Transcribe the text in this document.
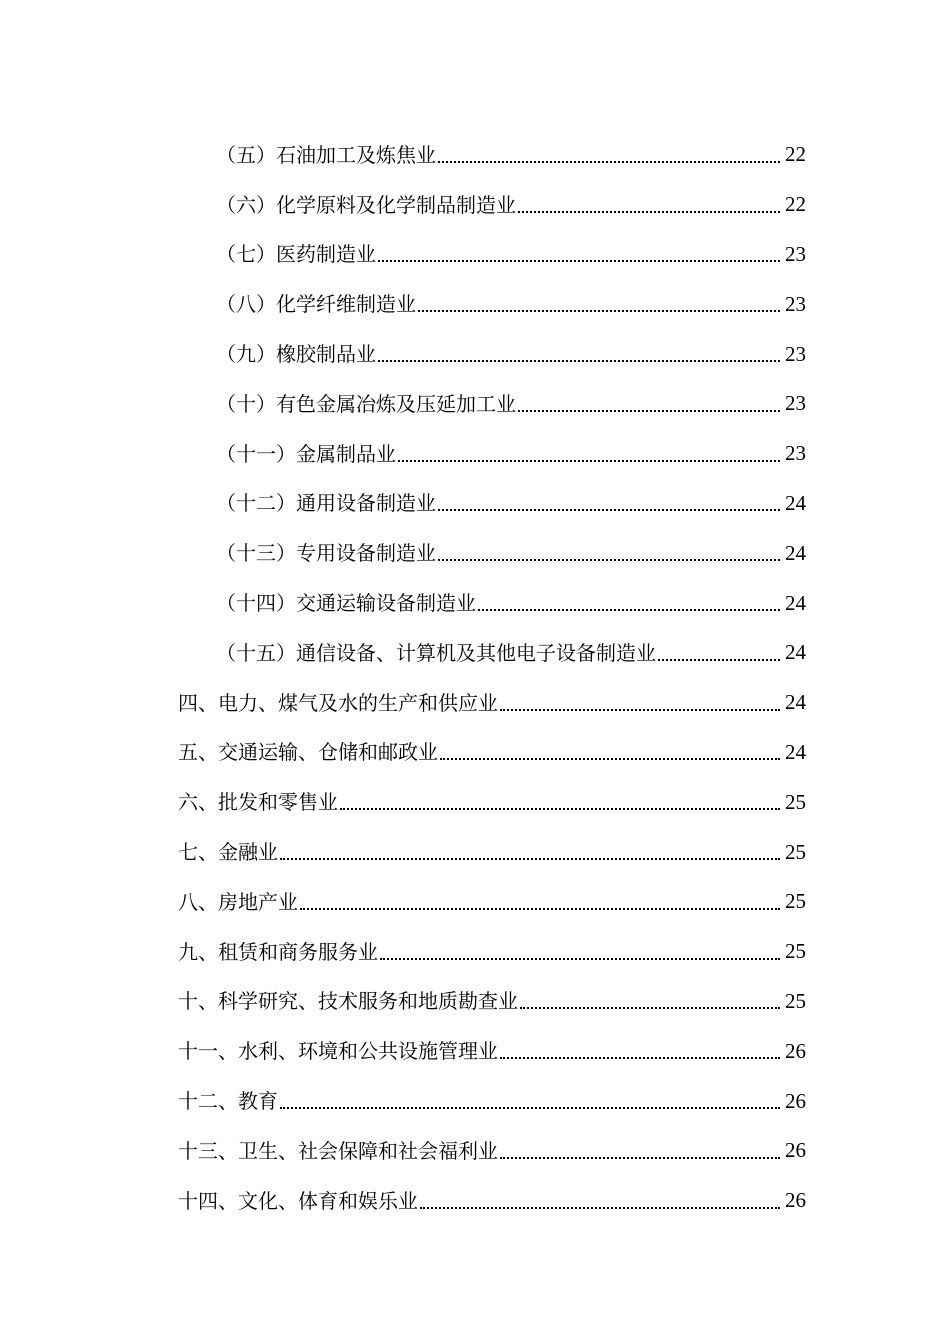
（五）石油加工及炼焦业	22
（六）化学原料及化学制品制造业	22
（七）医药制造业	23
（八）化学纤维制造业	23
（九）橡胶制品业	23
（十）有色金属冶炼及压延加工业	23
（十一）金属制品业	23
（十二）通用设备制造业	24
（十三）专用设备制造业	24
（十四）交通运输设备制造业	24
（十五）通信设备、计算机及其他电子设备制造业	24
四、电力、煤气及水的生产和供应业	24
五、交通运输、仓储和邮政业	24
六、批发和零售业	25
七、金融业	25
八、房地产业	25
九、租赁和商务服务业	25
十、科学研究、技术服务和地质勘查业	25
十一、水利、环境和公共设施管理业	26
十二、教育	26
十三、卫生、社会保障和社会福利业	26
十四、文化、体育和娱乐业	26
